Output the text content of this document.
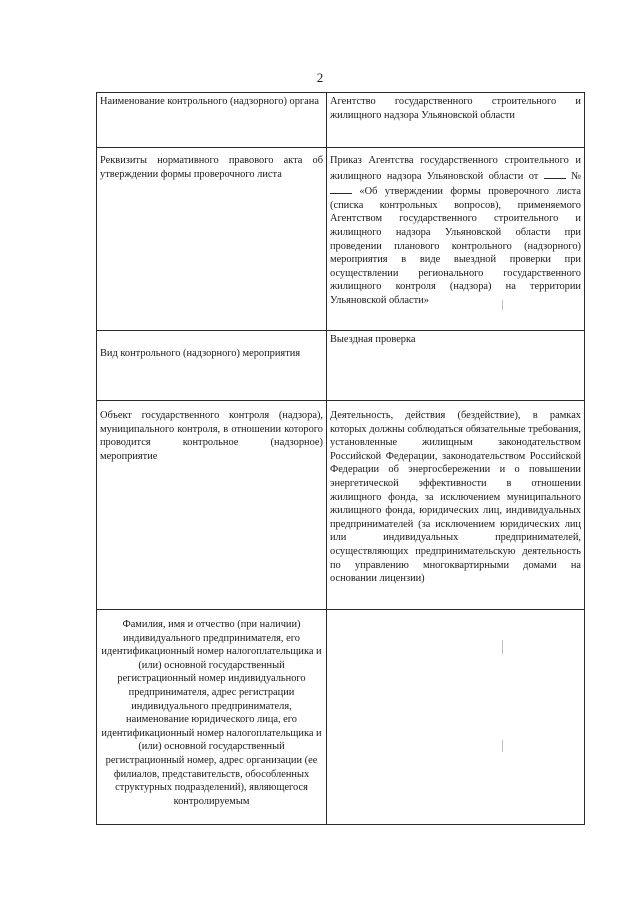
2
Наименование контрольного (надзорного) органа	Агентство государственного строительного и жилищного надзора Ульяновской области
Реквизиты нормативного правового акта об утверждении формы проверочного листа	Приказ Агентства государственного строительного и жилищного надзора Ульяновской области от №  «Об утверждении формы проверочного листа (списка контрольных вопросов), применяемого Агентством государственного строительного и жилищного надзора Ульяновской области при проведении планового контрольного (надзорного) мероприятия в виде выездной проверки при осуществлении регионального государственного жилищного контроля (надзора) на территории Ульяновской области»
Вид контрольного (надзорного) мероприятия	Выездная проверка
Объект государственного контроля (надзора), муниципального контроля, в отношении которого проводится контрольное (надзорное) мероприятие	Деятельность, действия (бездействие), в рамках которых должны соблюдаться обязательные требования, установленные жилищным законодательством Российской Федерации, законодательством Российской Федерации об энергосбережении и о повышении энергетической эффективности в отношении жилищного фонда, за исключением муниципального жилищного фонда, юридических лиц, индивидуальных предпринимателей (за исключением юридических лиц или индивидуальных предпринимателей, осуществляющих предпринимательскую деятельность по управлению многоквартирными домами на основании лицензии)
Фамилия, имя и отчество (при наличии) индивидуального предпринимателя, его идентификационный номер налогоплательщика и (или) основной государственный регистрационный номер индивидуального предпринимателя, адрес регистрации индивидуального предпринимателя, наименование юридического лица, его идентификационный номер налогоплательщика и (или) основной государственный регистрационный номер, адрес организации (ее филиалов, представительств, обособленных структурных подразделений), являющегося контролируемым	
